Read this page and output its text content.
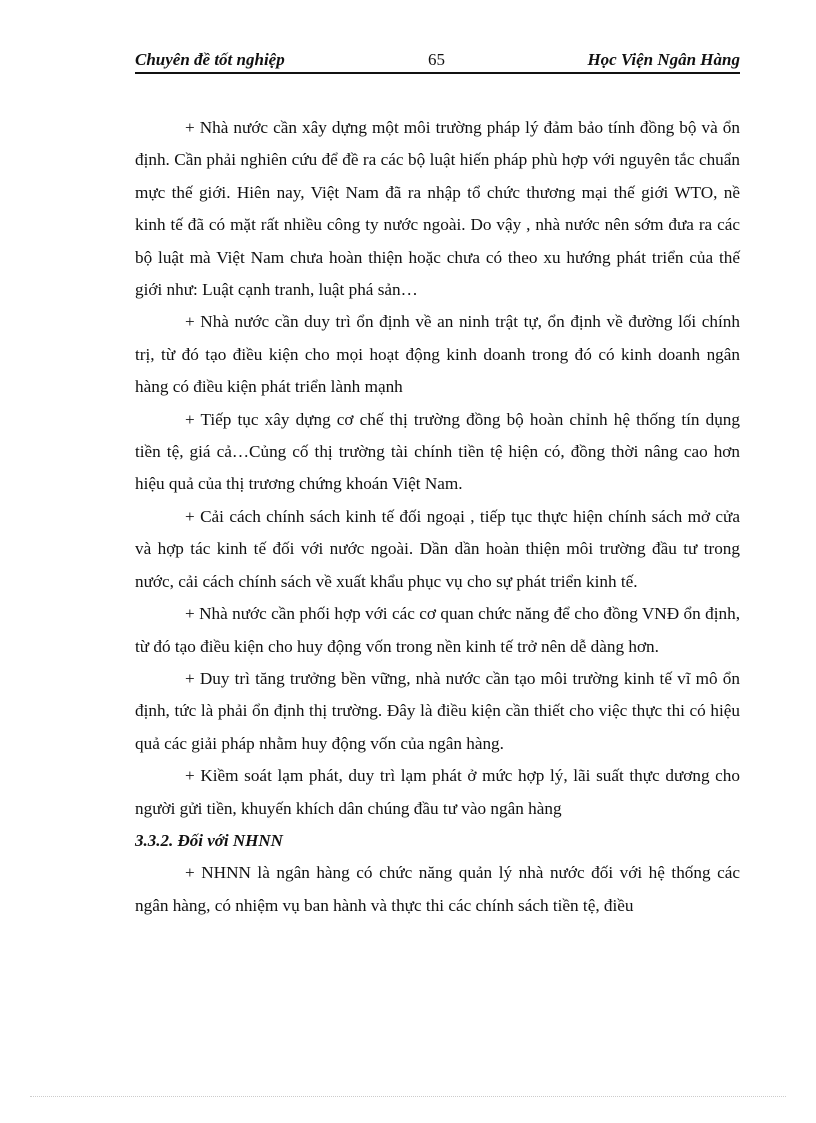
Chuyên đề tốt nghiệp	65	Học Viện Ngân Hàng

+ Nhà nước cần xây dựng một môi trường pháp lý đảm bảo tính đồng bộ và ổn định. Cần phải nghiên cứu để đề ra các bộ luật hiến pháp phù hợp với nguyên tắc chuẩn mực thế giới. Hiên nay, Việt Nam đã ra nhập tổ chức thương mại thế giới WTO, nề kinh tế đã có mặt rất nhiều công ty nước ngoài. Do vậy , nhà nước nên sớm đưa ra các bộ luật mà Việt Nam chưa hoàn thiện hoặc chưa có theo xu hướng phát triển của thế giới như: Luật cạnh tranh, luật phá sản…

+ Nhà nước cần duy trì ổn định về an ninh trật tự, ổn định về đường lối chính trị, từ đó tạo điều kiện cho mọi hoạt động kinh doanh trong đó có kinh doanh ngân hàng có điều kiện phát triển lành mạnh

+ Tiếp tục xây dựng cơ chế thị trường đồng bộ hoàn chỉnh hệ thống tín dụng tiền tệ, giá cả…Củng cố thị trường tài chính tiền tệ hiện có, đồng thời nâng cao hơn hiệu quả của thị trương chứng khoán Việt Nam.

+ Cải cách chính sách kinh tế đối ngoại , tiếp tục thực hiện chính sách mở cửa và hợp tác kinh tế đối với nước ngoài. Dần dần hoàn thiện môi trường đầu tư trong nước, cải cách chính sách về xuất khẩu phục vụ cho sự phát triển kinh tế.

+ Nhà nước cần phối hợp với các cơ quan chức năng để cho đồng VNĐ ổn định, từ đó tạo điều kiện cho huy động vốn trong nền kinh tế trở nên dễ dàng hơn.

+ Duy trì tăng trưởng bền vững, nhà nước cần tạo môi trường kinh tế vĩ mô ổn định, tức là phải ổn định thị trường. Đây là điều kiện cần thiết cho việc thực thi có hiệu quả các giải pháp nhằm huy động vốn của ngân hàng.

+ Kiềm soát lạm phát, duy trì lạm phát ở mức hợp lý, lãi suất thực dương cho người gửi tiền, khuyến khích dân chúng đầu tư vào ngân hàng

3.3.2. Đối với NHNN

+ NHNN là ngân hàng có chức năng quản lý nhà nước đối với hệ thống các ngân hàng, có nhiệm vụ ban hành và thực thi các chính sách tiền tệ, điều
